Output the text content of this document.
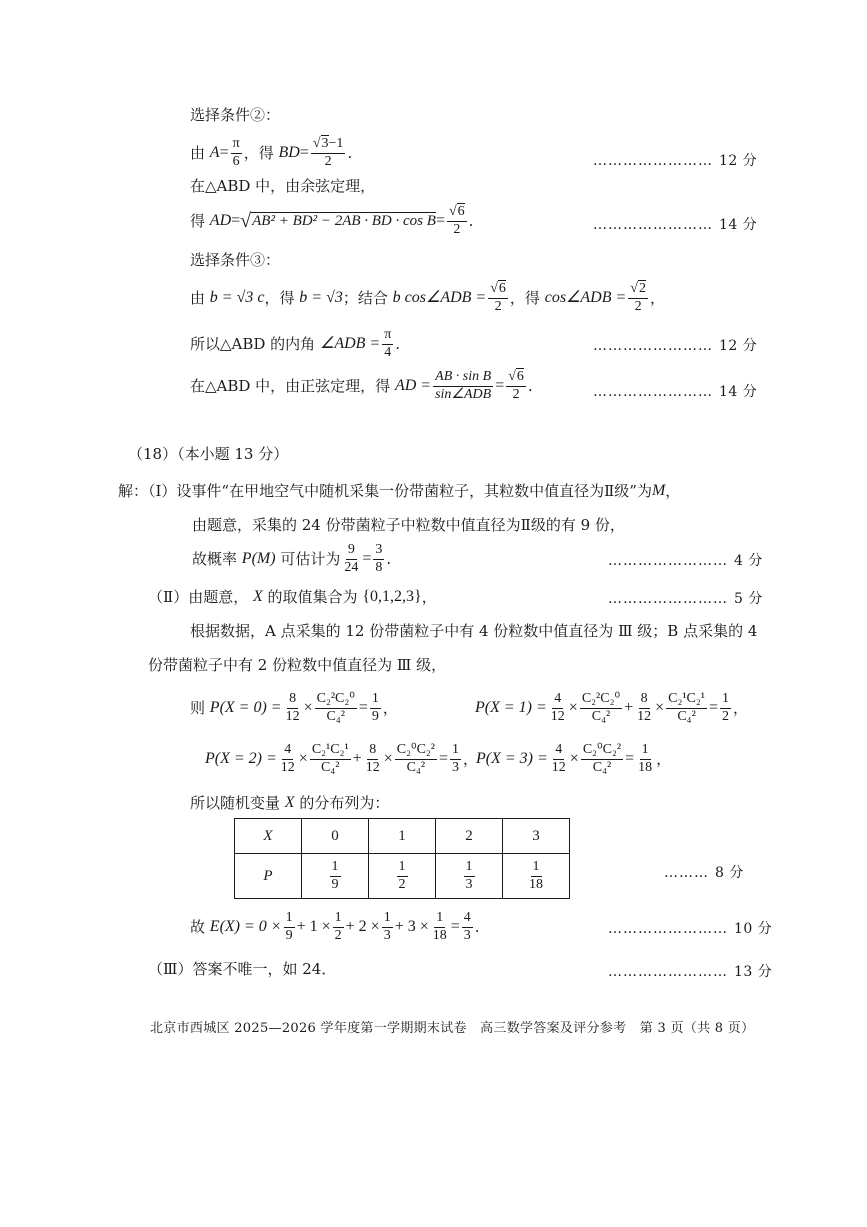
选择条件②：
由
$A = \frac{\pi}{6}$ ，得
BD = $\frac{√3-1}{2}$ .	…………………… 12 分
在△ABD 中，由余弦定理，
得
AD = √ AB² + BD² − 2AB · BD · $\cos B = \frac{√6}{2}$ .	…………………… 14 分
选择条件③：
由
b = √3 c ，得
b = √3 ；结合
b cos∠ADB = $\frac{√6}{2}$ ，得
cos∠ADB = $\frac{√2}{2}$ ，
所以△ABD 的内角
∠ADB = $\frac{\pi}{4}$ .	…………………… 12 分
在△ABD 中，由正弦定理，得
AD = $\frac{\text{AB · sin B}}{\text{sin∠ADB}} = \frac{√6}{2}$ .	…………………… 14 分
（18）（本小题 13 分）
解：（Ⅰ）设事件“在甲地空气中随机采集一份带菌粒子，其粒数中值直径为Ⅱ级”为 M ，
由题意，采集的 24 份带菌粒子中粒数中值直径为Ⅱ级的有 9 份，
故概率
P(M)
可估计为 $\frac{9}{24} = \frac{3}{8}$ .	…………………… 4 分
（Ⅱ）由题意，
X
的取值集合为
{0,1,2,3} ，	…………………… 5 分
根据数据，A 点采集的 12 份带菌粒子中有 4 份粒数中值直径为 Ⅲ 级；B 点采集的 4
份带菌粒子中有 2 份粒数中值直径为 Ⅲ 级，
则
$P(X = 0) = \frac{8}{12} \times \frac{\text{C₂²C₂⁰}}{\text{C₄²}} = \frac{1}{9}$ ，	$P(X = 1) = \frac{4}{12} \times \frac{\text{C₂²C₂⁰}}{\text{C₄²}} + \frac{8}{12} \times \frac{\text{C₂¹C₂¹}}{\text{C₄²}} = \frac{1}{2}$ ，
$P(X = 2) = \frac{4}{12} \times \frac{\text{C₂¹C₂¹}}{\text{C₄²}} + \frac{8}{12} \times \frac{\text{C₂⁰C₂²}}{\text{C₄²}} = \frac{1}{3}$ ，
$P(X = 3) = \frac{4}{12} \times \frac{\text{C₂⁰C₂²}}{\text{C₄²}} = \frac{1}{18}$ ，
所以随机变量
X
的分布列为：
X	0	1	2	3
P	$\frac{1}{9}$	$\frac{1}{2}$	$\frac{1}{3}$	$\frac{1}{18}$	……… 8 分
故
$E(X) = 0 \times \frac{1}{9} + 1 \times \frac{1}{2} + 2 \times \frac{1}{3} + 3 \times \frac{1}{18} = \frac{4}{3}$ .	…………………… 10 分
（Ⅲ）答案不唯一，如 24．	…………………… 13 分
北京市西城区 2025—2026 学年度第一学期期末试卷　高三数学答案及评分参考　第 3 页（共 8 页）
